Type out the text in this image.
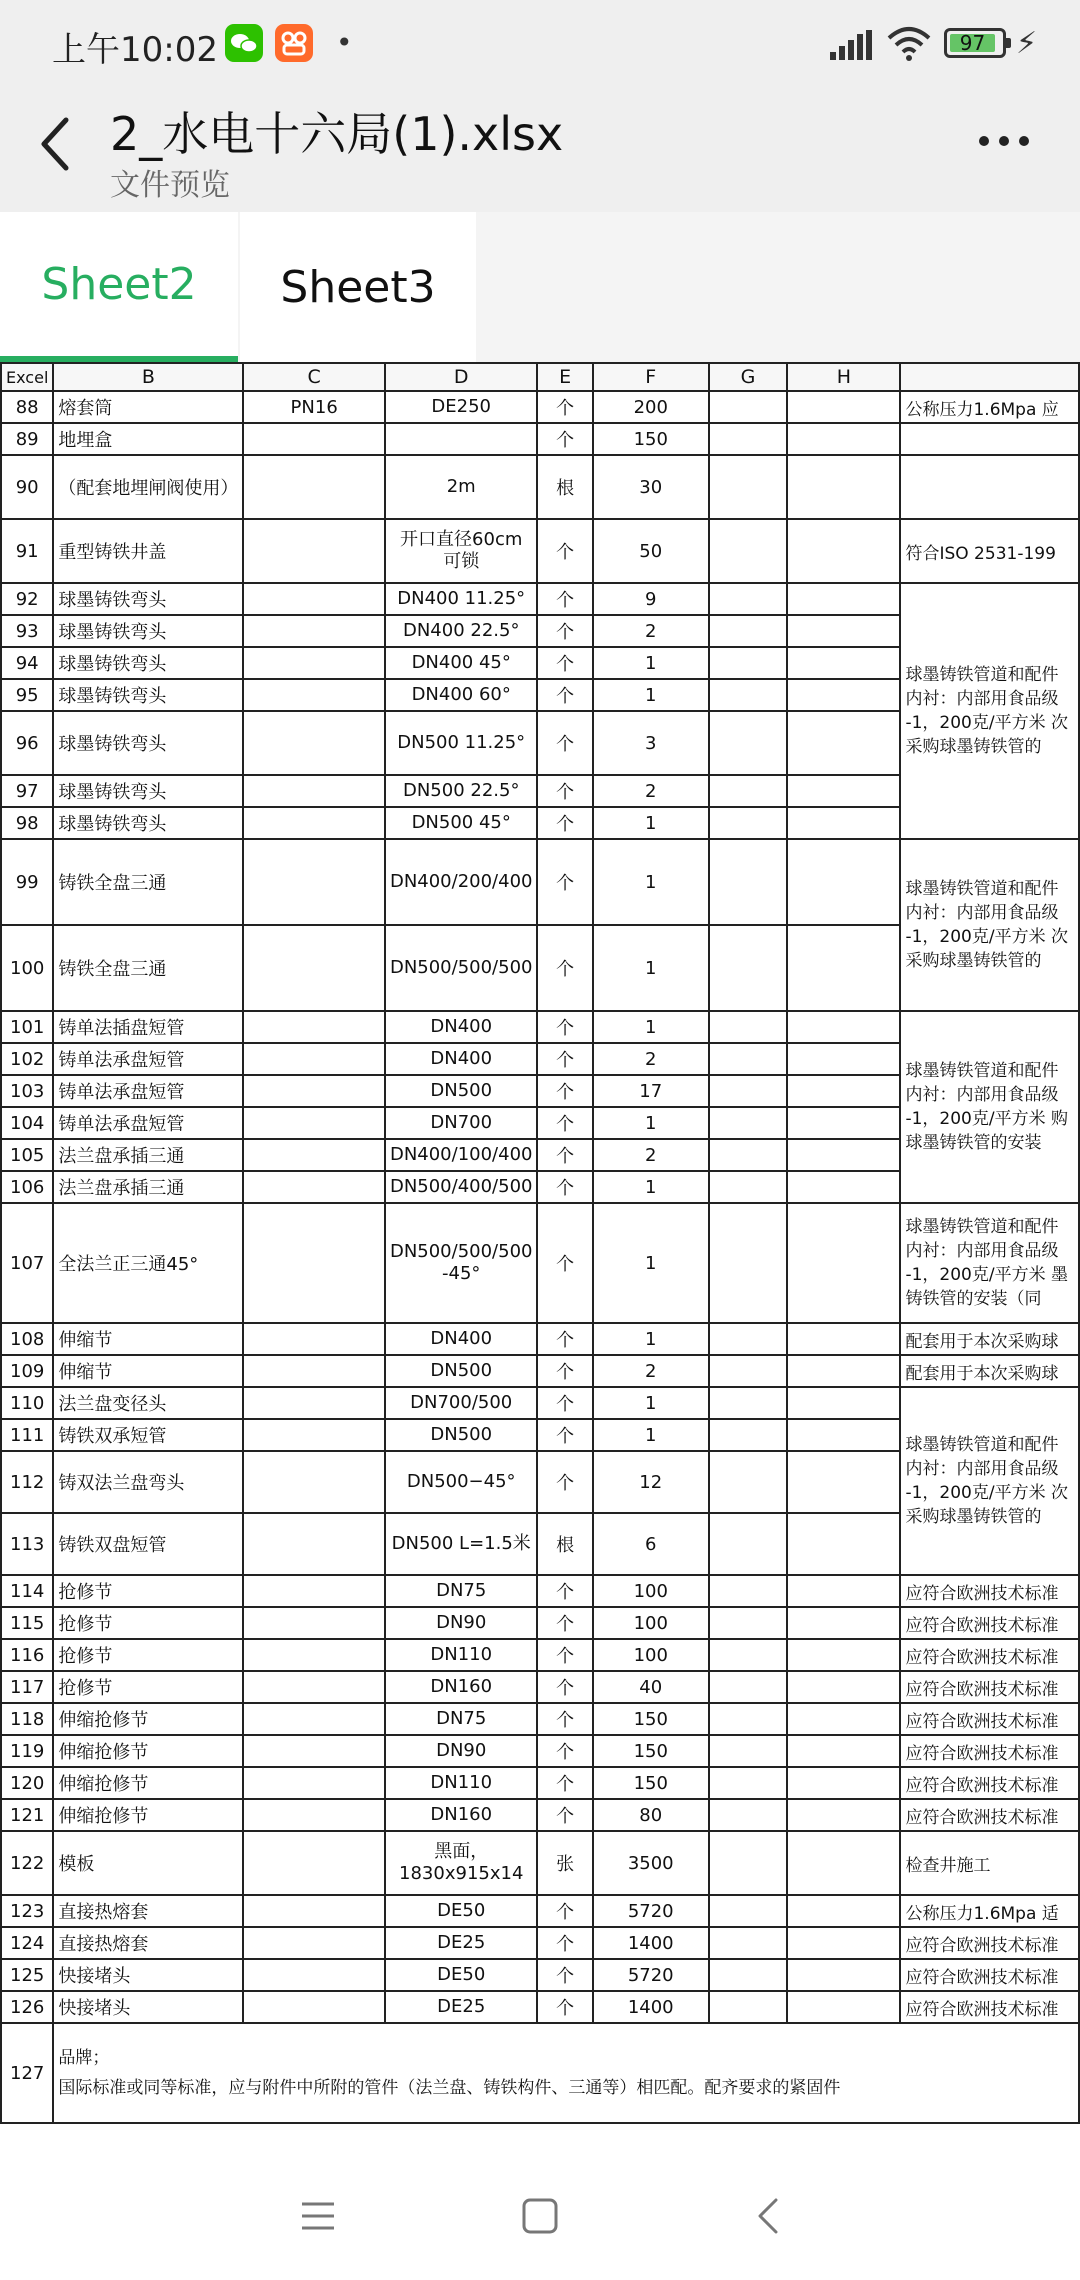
上午10:02	•	97	⚡
2_水电十六局(1).xlsx
文件预览
Sheet2	Sheet3
Excel	B	C	D	E	F	G	H	
88	熔套筒	PN16	DE250	个	200			公称压力1.6Mpa 应
89	地埋盒			个	150			
90	（配套地埋闸阀使用）		2m	根	30			
91	重型铸铁井盖		开口直径60cm 可锁	个	50			符合ISO 2531-199
92	球墨铸铁弯头		DN400 11.25°	个	9			球墨铸铁管道和配件 内衬：内部用食品级 -1，200克/平方米 次采购球墨铸铁管的
93	球墨铸铁弯头		DN400 22.5°	个	2			
94	球墨铸铁弯头		DN400 45°	个	1			
95	球墨铸铁弯头		DN400 60°	个	1			
96	球墨铸铁弯头		DN500 11.25°	个	3			
97	球墨铸铁弯头		DN500 22.5°	个	2			
98	球墨铸铁弯头		DN500 45°	个	1			
99	铸铁全盘三通		DN400/200/400	个	1			球墨铸铁管道和配件 内衬：内部用食品级 -1，200克/平方米 次采购球墨铸铁管的
100	铸铁全盘三通		DN500/500/500	个	1			
101	铸单法插盘短管		DN400	个	1			球墨铸铁管道和配件 内衬：内部用食品级 -1，200克/平方米 购球墨铸铁管的安装
102	铸单法承盘短管		DN400	个	2			
103	铸单法承盘短管		DN500	个	17			
104	铸单法承盘短管		DN700	个	1			
105	法兰盘承插三通		DN400/100/400	个	2			
106	法兰盘承插三通		DN500/400/500	个	1			
107	全法兰正三通45°		DN500/500/500 -45°	个	1			球墨铸铁管道和配件 内衬：内部用食品级 -1，200克/平方米 墨铸铁管的安装（同
108	伸缩节		DN400	个	1			配套用于本次采购球
109	伸缩节		DN500	个	2			配套用于本次采购球
110	法兰盘变径头		DN700/500	个	1			球墨铸铁管道和配件 内衬：内部用食品级 -1，200克/平方米 次采购球墨铸铁管的
111	铸铁双承短管		DN500	个	1			
112	铸双法兰盘弯头		DN500−45°	个	12			
113	铸铁双盘短管		DN500 L=1.5米	根	6			
114	抢修节		DN75	个	100			应符合欧洲技术标准
115	抢修节		DN90	个	100			应符合欧洲技术标准
116	抢修节		DN110	个	100			应符合欧洲技术标准
117	抢修节		DN160	个	40			应符合欧洲技术标准
118	伸缩抢修节		DN75	个	150			应符合欧洲技术标准
119	伸缩抢修节		DN90	个	150			应符合欧洲技术标准
120	伸缩抢修节		DN110	个	150			应符合欧洲技术标准
121	伸缩抢修节		DN160	个	80			应符合欧洲技术标准
122	模板		黑面，1830x915x14	张	3500			检查井施工
123	直接热熔套		DE50	个	5720			公称压力1.6Mpa 适
124	直接热熔套		DE25	个	1400			应符合欧洲技术标准
125	快接堵头		DE50	个	5720			应符合欧洲技术标准
126	快接堵头		DE25	个	1400			应符合欧洲技术标准
127	品牌；
国际标准或同等标准，应与附件中所附的管件（法兰盘、铸铁构件、三通等）相匹配。配齐要求的紧固件							
